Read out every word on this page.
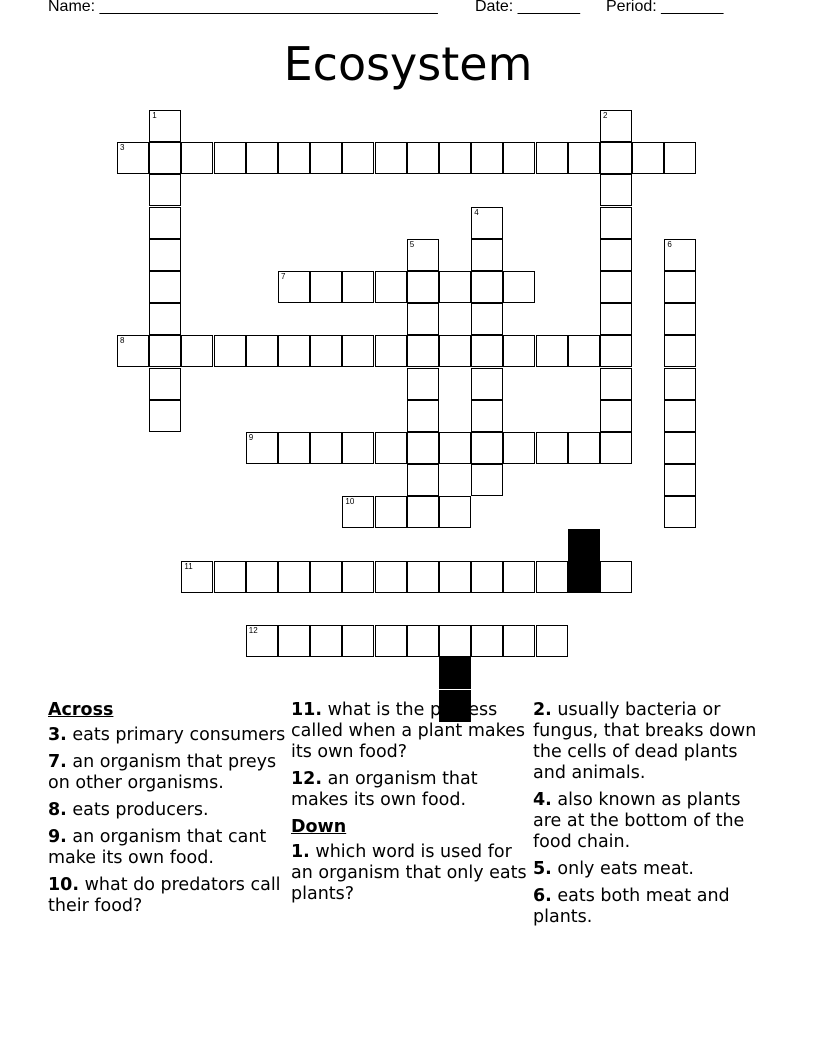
Name: ______________________________________ Date: _______ Period: _______
Ecosystem
1	2
3
4
5	6
7
8
9
10
11
12
Across
3. eats primary consumers
7. an organism that preys on other organisms.
8. eats producers.
9. an organism that cant make its own food.
10. what do predators call their food?
11. what is the process called when a plant makes its own food?
12. an organism that makes its own food.
Down
1. which word is used for an organism that only eats plants?
2. usually bacteria or fungus, that breaks down the cells of dead plants and animals.
4. also known as plants are at the bottom of the food chain.
5. only eats meat.
6. eats both meat and plants.
